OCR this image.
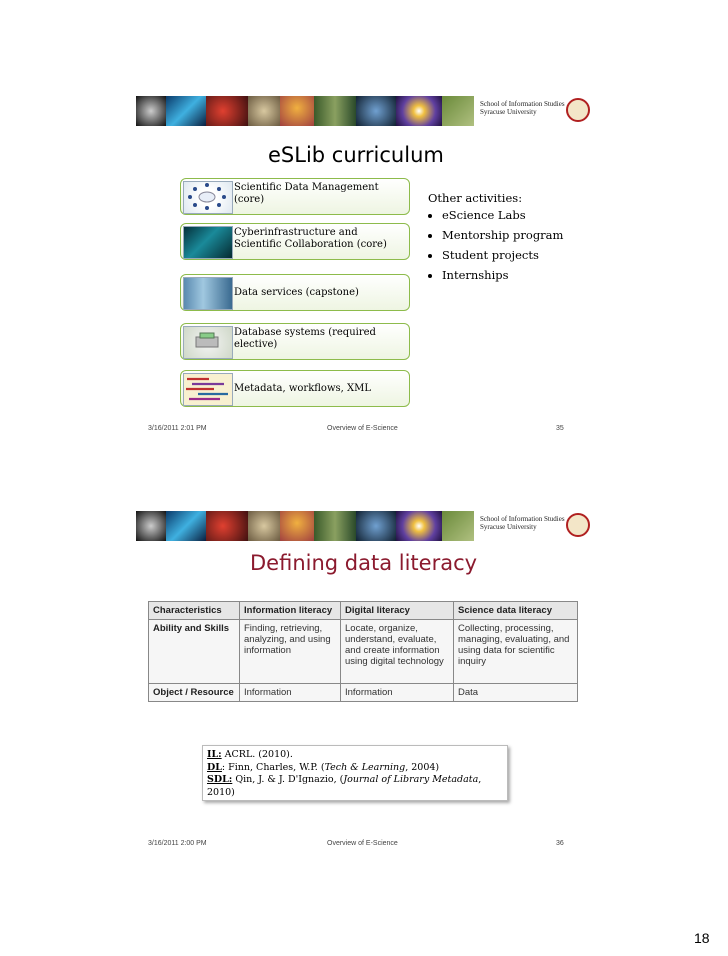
School of Information Studies
Syracuse University
eSLib curriculum
Scientific Data Management (core)
Cyberinfrastructure and Scientific Collaboration (core)
Data services (capstone)
Database systems (required elective)
Metadata, workflows, XML
Other activities:
• eScience Labs
• Mentorship program
• Student projects
• Internships
3/16/2011 2:01 PM	Overview of E-Science	35
School of Information Studies
Syracuse University
Defining data literacy
Characteristics	Information literacy	Digital literacy	Science data literacy
Ability and Skills	Finding, retrieving, analyzing, and using information	Locate, organize, understand, evaluate, and create information using digital technology	Collecting, processing, managing, evaluating, and using data for scientific inquiry
Object / Resource	Information	Information	Data
IL: ACRL. (2010).
DL: Finn, Charles, W.P. (Tech & Learning, 2004)
SDL: Qin, J. & J. D'Ignazio, (Journal of Library Metadata, 2010)
3/16/2011 2:00 PM	Overview of E-Science	36
18
